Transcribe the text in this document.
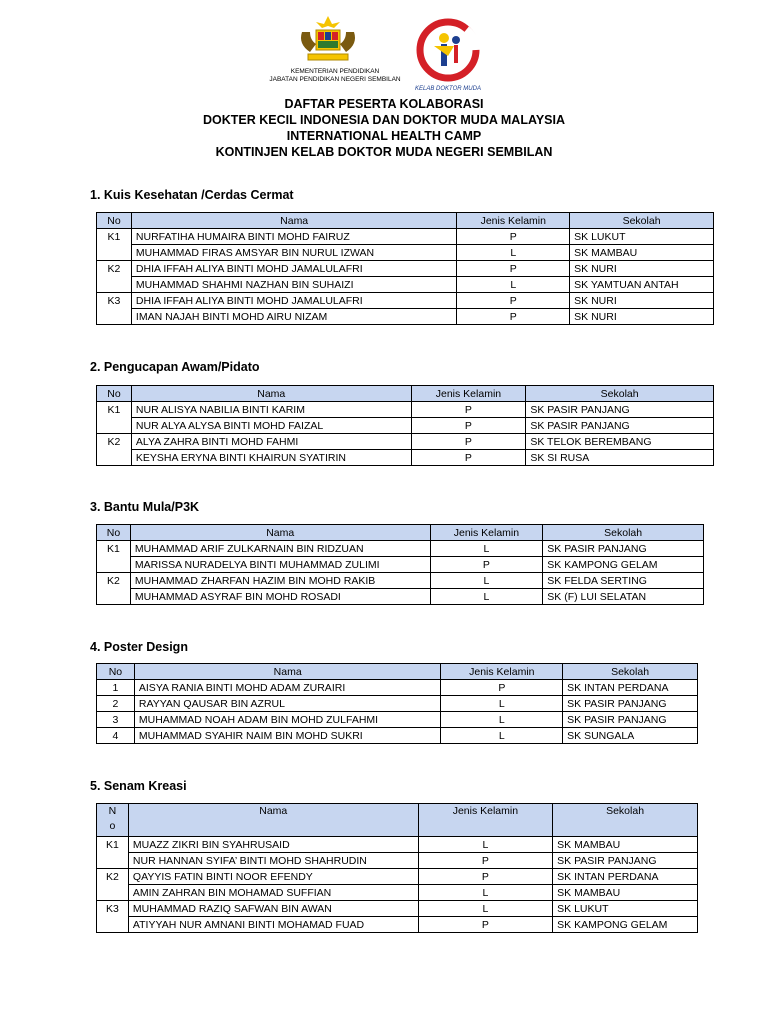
KEMENTERIAN PENDIDIKAN
JABATAN PENDIDIKAN NEGERI SEMBILAN
KELAB DOKTOR MUDA
DAFTAR PESERTA KOLABORASI
DOKTER KECIL INDONESIA DAN DOKTOR MUDA MALAYSIA
INTERNATIONAL HEALTH CAMP
KONTINJEN KELAB DOKTOR MUDA NEGERI SEMBILAN
1. Kuis Kesehatan /Cerdas Cermat
No	Nama	Jenis Kelamin	Sekolah
K1	NURFATIHA HUMAIRA BINTI MOHD FAIRUZ	P	SK LUKUT
	MUHAMMAD FIRAS AMSYAR BIN NURUL IZWAN	L	SK MAMBAU
K2	DHIA IFFAH ALIYA BINTI MOHD JAMALULAFRI	P	SK NURI
	MUHAMMAD SHAHMI NAZHAN BIN SUHAIZI	L	SK YAMTUAN ANTAH
K3	DHIA IFFAH ALIYA BINTI MOHD JAMALULAFRI	P	SK NURI
	IMAN NAJAH BINTI MOHD AIRU NIZAM	P	SK NURI
2. Pengucapan Awam/Pidato
No	Nama	Jenis Kelamin	Sekolah
K1	NUR ALISYA NABILIA BINTI KARIM	P	SK PASIR PANJANG
	NUR ALYA ALYSA BINTI MOHD FAIZAL	P	SK PASIR PANJANG
K2	ALYA ZAHRA BINTI MOHD FAHMI	P	SK TELOK BEREMBANG
	KEYSHA ERYNA BINTI KHAIRUN SYATIRIN	P	SK SI RUSA
3. Bantu Mula/P3K
No	Nama	Jenis Kelamin	Sekolah
K1	MUHAMMAD ARIF ZULKARNAIN BIN RIDZUAN	L	SK PASIR PANJANG
	MARISSA NURADELYA BINTI MUHAMMAD ZULIMI	P	SK KAMPONG GELAM
K2	MUHAMMAD ZHARFAN HAZIM BIN MOHD RAKIB	L	SK FELDA SERTING
	MUHAMMAD ASYRAF BIN MOHD ROSADI	L	SK (F) LUI SELATAN
4. Poster Design
No	Nama	Jenis Kelamin	Sekolah
1	AISYA RANIA BINTI MOHD ADAM ZURAIRI	P	SK INTAN PERDANA
2	RAYYAN QAUSAR BIN AZRUL	L	SK PASIR PANJANG
3	MUHAMMAD NOAH ADAM BIN MOHD ZULFAHMI	L	SK PASIR PANJANG
4	MUHAMMAD SYAHIR NAIM BIN MOHD SUKRI	L	SK SUNGALA
5. Senam Kreasi
N
o	Nama	Jenis Kelamin	Sekolah
K1	MUAZZ ZIKRI BIN SYAHRUSAID	L	SK MAMBAU
	NUR HANNAN SYIFA’ BINTI MOHD SHAHRUDIN	P	SK PASIR PANJANG
K2	QAYYIS FATIN BINTI NOOR EFENDY	P	SK INTAN PERDANA
	AMIN ZAHRAN BIN MOHAMAD SUFFIAN	L	SK MAMBAU
K3	MUHAMMAD RAZIQ SAFWAN BIN AWAN	L	SK LUKUT
	ATIYYAH NUR AMNANI BINTI MOHAMAD FUAD	P	SK KAMPONG GELAM
